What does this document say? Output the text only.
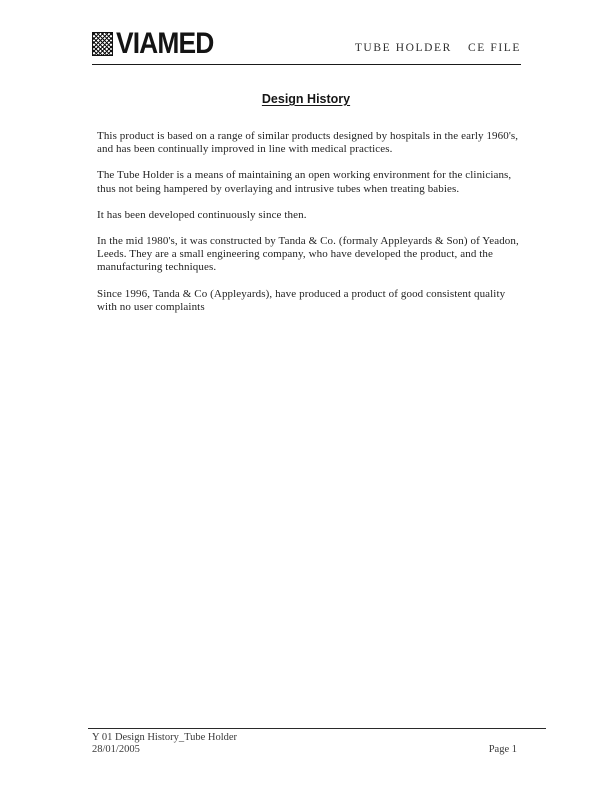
VIAMED	TUBE HOLDER CE FILE
Design History

This product is based on a range of similar products designed by hospitals in the early 1960's, and has been continually improved in line with medical practices.

The Tube Holder is a means of maintaining an open working environment for the clinicians, thus not being hampered by overlaying and intrusive tubes when treating babies.

It has been developed continuously since then.

In the mid 1980's, it was constructed by Tanda & Co. (formaly Appleyards & Son) of Yeadon, Leeds. They are a small engineering company, who have developed the product, and the manufacturing techniques.

Since 1996, Tanda & Co (Appleyards), have produced a product of good consistent quality with no user complaints

Y 01 Design History_Tube Holder
28/01/2005	Page 1
